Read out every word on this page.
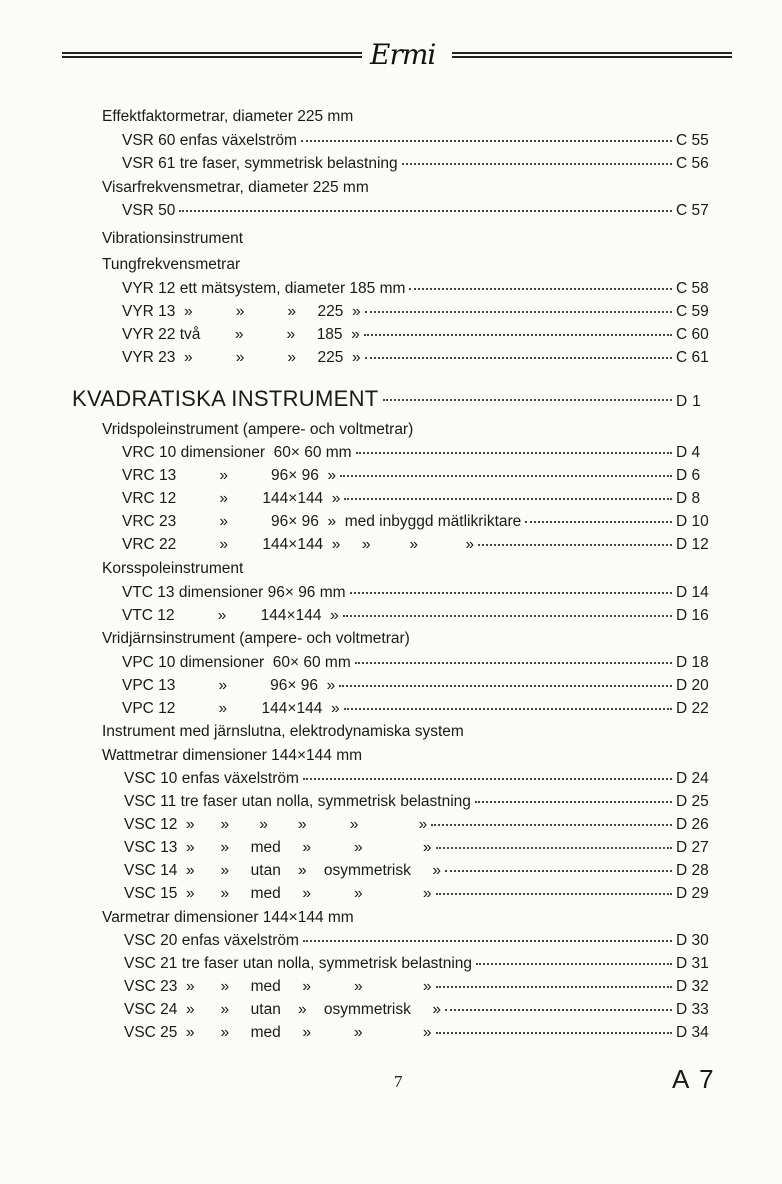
Ermi
Effektfaktormetrar, diameter 225 mm
VSR 60 enfas växelström	C 55
VSR 61 tre faser, symmetrisk belastning	C 56
Visarfrekvensmetrar, diameter 225 mm
VSR 50	C 57
Vibrationsinstrument
Tungfrekvensmetrar
VYR 12 ett mätsystem, diameter 185 mm	C 58
VYR 13  »          »          »     225  »	C 59
VYR 22 två        »          »     185  »	C 60
VYR 23  »          »          »     225  »	C 61
KVADRATISKA INSTRUMENT	D 1
Vridspoleinstrument (ampere- och voltmetrar)
VRC 10 dimensioner  60× 60 mm	D 4
VRC 13          »          96× 96  »	D 6
VRC 12          »        144×144  »	D 8
VRC 23          »          96× 96  »  med inbyggd mätlikriktare	D 10
VRC 22          »        144×144  »     »         »           »	D 12
Korsspoleinstrument
VTC 13 dimensioner 96× 96 mm	D 14
VTC 12          »        144×144  »	D 16
Vridjärnsinstrument (ampere- och voltmetrar)
VPC 10 dimensioner  60× 60 mm	D 18
VPC 13          »          96× 96  »	D 20
VPC 12          »        144×144  »	D 22
Instrument med järnslutna, elektrodynamiska system
Wattmetrar dimensioner 144×144 mm
VSC 10 enfas växelström	D 24
VSC 11 tre faser utan nolla, symmetrisk belastning	D 25
VSC 12  »      »       »       »          »              »	D 26
VSC 13  »      »     med     »          »              »	D 27
VSC 14  »      »     utan    »    osymmetrisk     »	D 28
VSC 15  »      »     med     »          »              »	D 29
Varmetrar dimensioner 144×144 mm
VSC 20 enfas växelström	D 30
VSC 21 tre faser utan nolla, symmetrisk belastning	D 31
VSC 23  »      »     med     »          »              »	D 32
VSC 24  »      »     utan    »    osymmetrisk     »	D 33
VSC 25  »      »     med     »          »              »	D 34
7	A 7
